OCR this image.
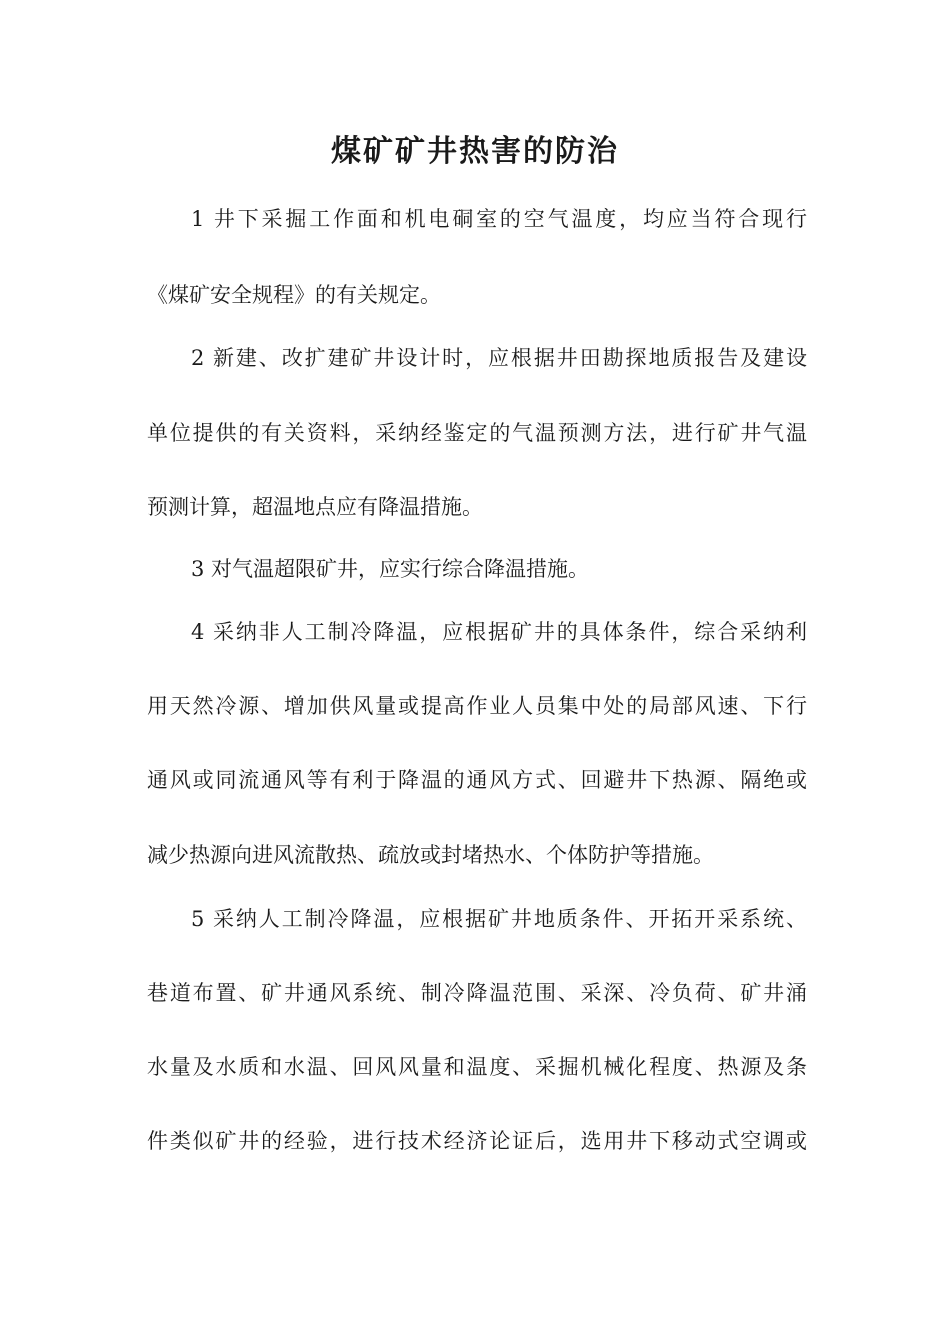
煤矿矿井热害的防治
1 井下采掘工作面和机电硐室的空气温度，均应当符合现行
《煤矿安全规程》的有关规定。
2 新建、改扩建矿井设计时，应根据井田勘探地质报告及建设
单位提供的有关资料，采纳经鉴定的气温预测方法，进行矿井气温
预测计算，超温地点应有降温措施。
3 对气温超限矿井，应实行综合降温措施。
4 采纳非人工制冷降温，应根据矿井的具体条件，综合采纳利
用天然冷源、增加供风量或提高作业人员集中处的局部风速、下行
通风或同流通风等有利于降温的通风方式、回避井下热源、隔绝或
减少热源向进风流散热、疏放或封堵热水、个体防护等措施。
5 采纳人工制冷降温，应根据矿井地质条件、开拓开采系统、
巷道布置、矿井通风系统、制冷降温范围、采深、冷负荷、矿井涌
水量及水质和水温、回风风量和温度、采掘机械化程度、热源及条
件类似矿井的经验，进行技术经济论证后，选用井下移动式空调或
